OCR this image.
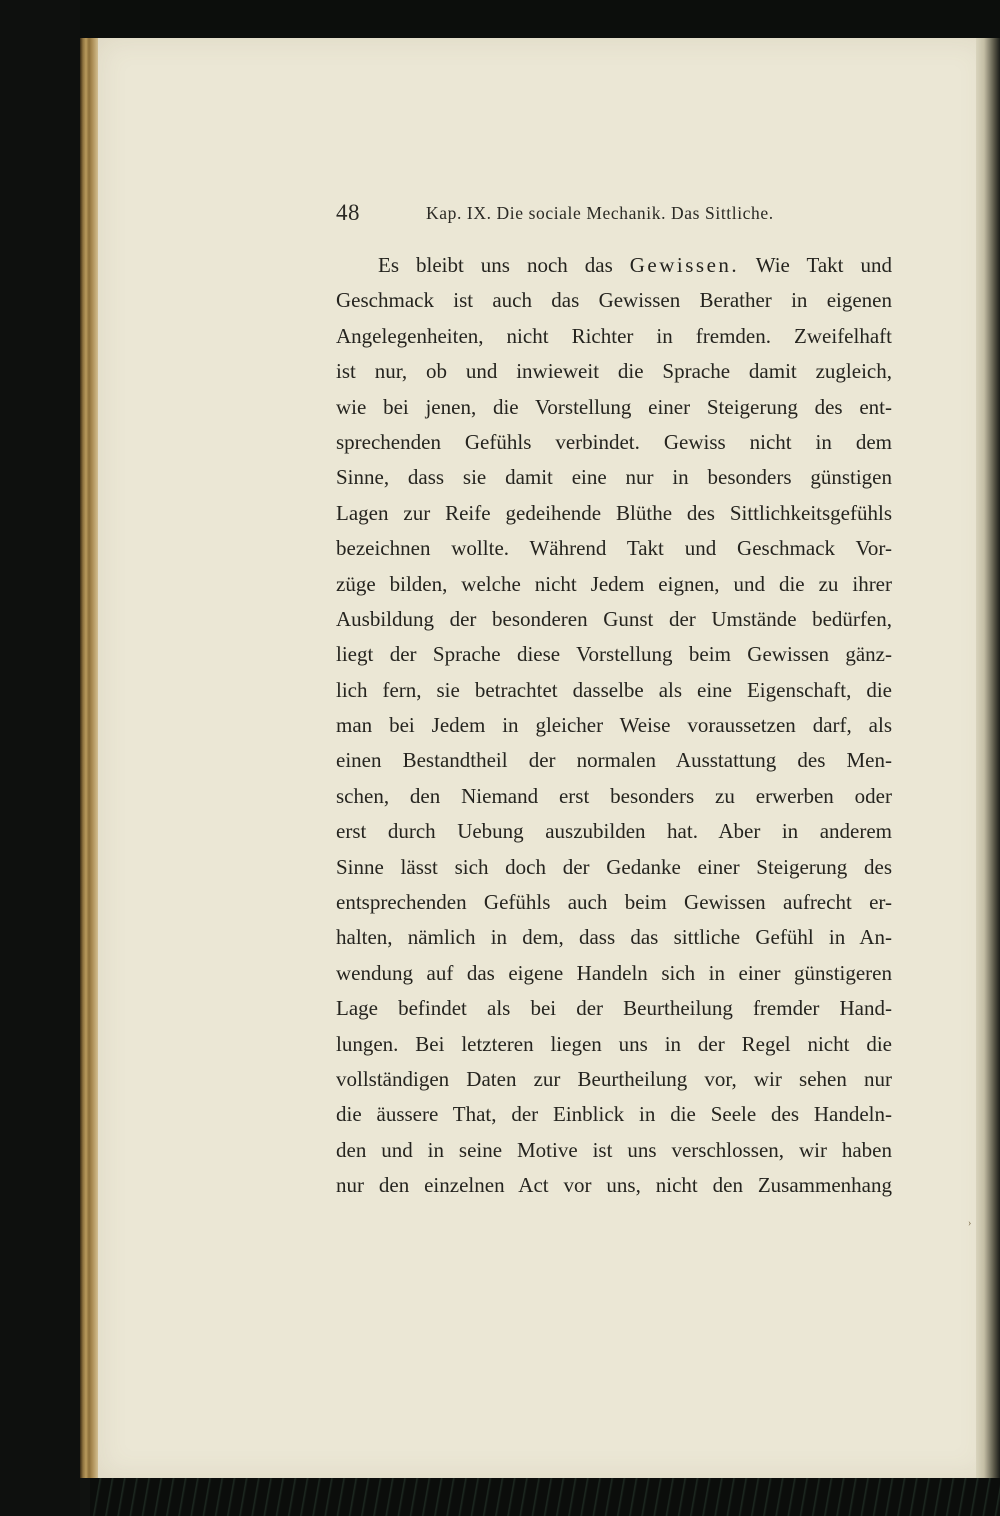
48	Kap. IX. Die sociale Mechanik. Das Sittliche.
Es bleibt uns noch das Gewissen. Wie Takt und
Geschmack ist auch das Gewissen Berather in eigenen
Angelegenheiten, nicht Richter in fremden. Zweifelhaft
ist nur, ob und inwieweit die Sprache damit zugleich,
wie bei jenen, die Vorstellung einer Steigerung des ent-
sprechenden Gefühls verbindet. Gewiss nicht in dem
Sinne, dass sie damit eine nur in besonders günstigen
Lagen zur Reife gedeihende Blüthe des Sittlichkeitsgefühls
bezeichnen wollte. Während Takt und Geschmack Vor-
züge bilden, welche nicht Jedem eignen, und die zu ihrer
Ausbildung der besonderen Gunst der Umstände bedürfen,
liegt der Sprache diese Vorstellung beim Gewissen gänz-
lich fern, sie betrachtet dasselbe als eine Eigenschaft, die
man bei Jedem in gleicher Weise voraussetzen darf, als
einen Bestandtheil der normalen Ausstattung des Men-
schen, den Niemand erst besonders zu erwerben oder
erst durch Uebung auszubilden hat. Aber in anderem
Sinne lässt sich doch der Gedanke einer Steigerung des
entsprechenden Gefühls auch beim Gewissen aufrecht er-
halten, nämlich in dem, dass das sittliche Gefühl in An-
wendung auf das eigene Handeln sich in einer günstigeren
Lage befindet als bei der Beurtheilung fremder Hand-
lungen. Bei letzteren liegen uns in der Regel nicht die
vollständigen Daten zur Beurtheilung vor, wir sehen nur
die äussere That, der Einblick in die Seele des Handeln-
den und in seine Motive ist uns verschlossen, wir haben
nur den einzelnen Act vor uns, nicht den Zusammenhang
›
